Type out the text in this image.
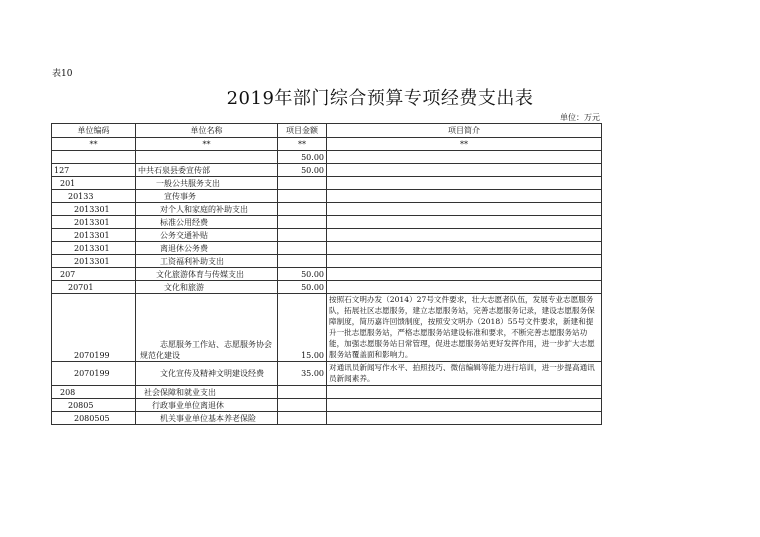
表10
2019年部门综合预算专项经费支出表
单位：万元
单位编码	单位名称	项目金额	项目简介
**	**	**	**
		50.00	
127	中共石泉县委宣传部	50.00	
201	一般公共服务支出		
20133	宣传事务		
2013301	对个人和家庭的补助支出		
2013301	标准公用经费		
2013301	公务交通补贴		
2013301	离退休公务费		
2013301	工资福利补助支出		
207	文化旅游体育与传媒支出	50.00	
20701	文化和旅游	50.00	
2070199	志愿服务工作站、志愿服务协会规范化建设	15.00	按照石文明办发（2014）27号文件要求，壮大志愿者队伍，发展专业志愿服务队，拓展社区志愿服务，建立志愿服务站，完善志愿服务记录，建设志愿服务保障制度，简历嘉许回馈制度，按照安文明办（2018）55号文件要求，新建和提升一批志愿服务站，严格志愿服务站建设标准和要求，不断完善志愿服务站功能，加强志愿服务站日常管理，促进志愿服务站更好发挥作用，进一步扩大志愿服务站覆盖面和影响力。
2070199	文化宣传及精神文明建设经费	35.00	对通讯员新闻写作水平、拍照技巧、微信编辑等能力进行培训，进一步提高通讯员新闻素养。
208	社会保障和就业支出		
20805	行政事业单位离退休		
2080505	机关事业单位基本养老保险		
